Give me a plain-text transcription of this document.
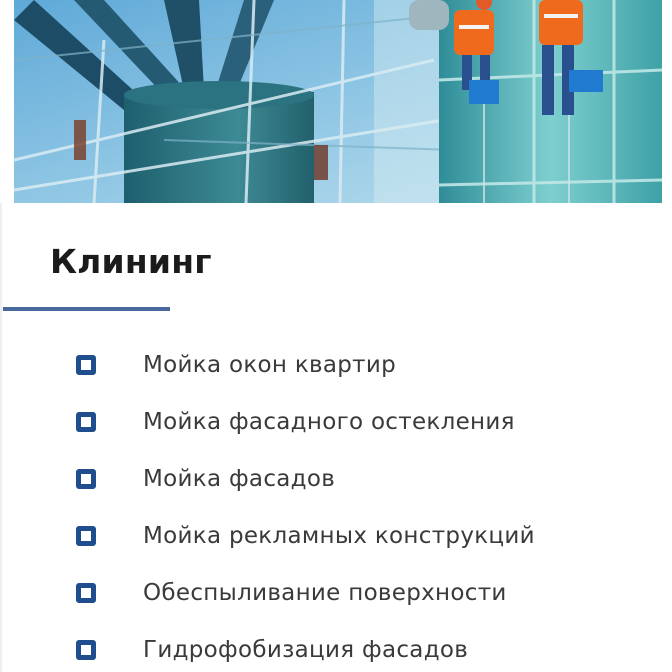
Клининг
Мойка окон квартир
Мойка фасадного остекления
Мойка фасадов
Мойка рекламных конструкций
Обеспыливание поверхности
Гидрофобизация фасадов
